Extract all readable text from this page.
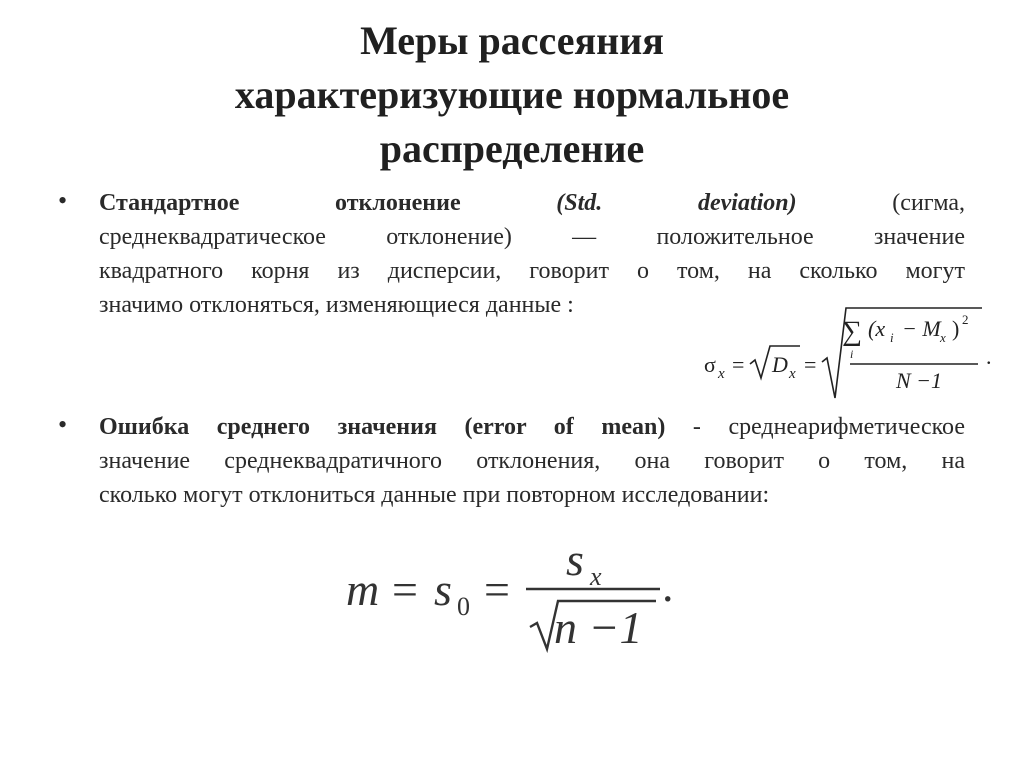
Меры рассеяния
характеризующие нормальное
распределение
• Стандартное	отклонение	(Std.	deviation)	(сигма,
среднеквадратическое отклонение) — положительное значение
квадратного корня из дисперсии, говорит о том, на сколько могут
значимо отклоняться, изменяющиеся данные :
σ x = D x =
∑
i
(x i − M x ) 2
N −1
.
• Ошибка среднего значения (error of mean) - среднеарифметическое
значение среднеквадратичного отклонения, она говорит о том, на
сколько могут отклониться данные при повторном исследовании:
m = s 0 =
s x
n −1
.
